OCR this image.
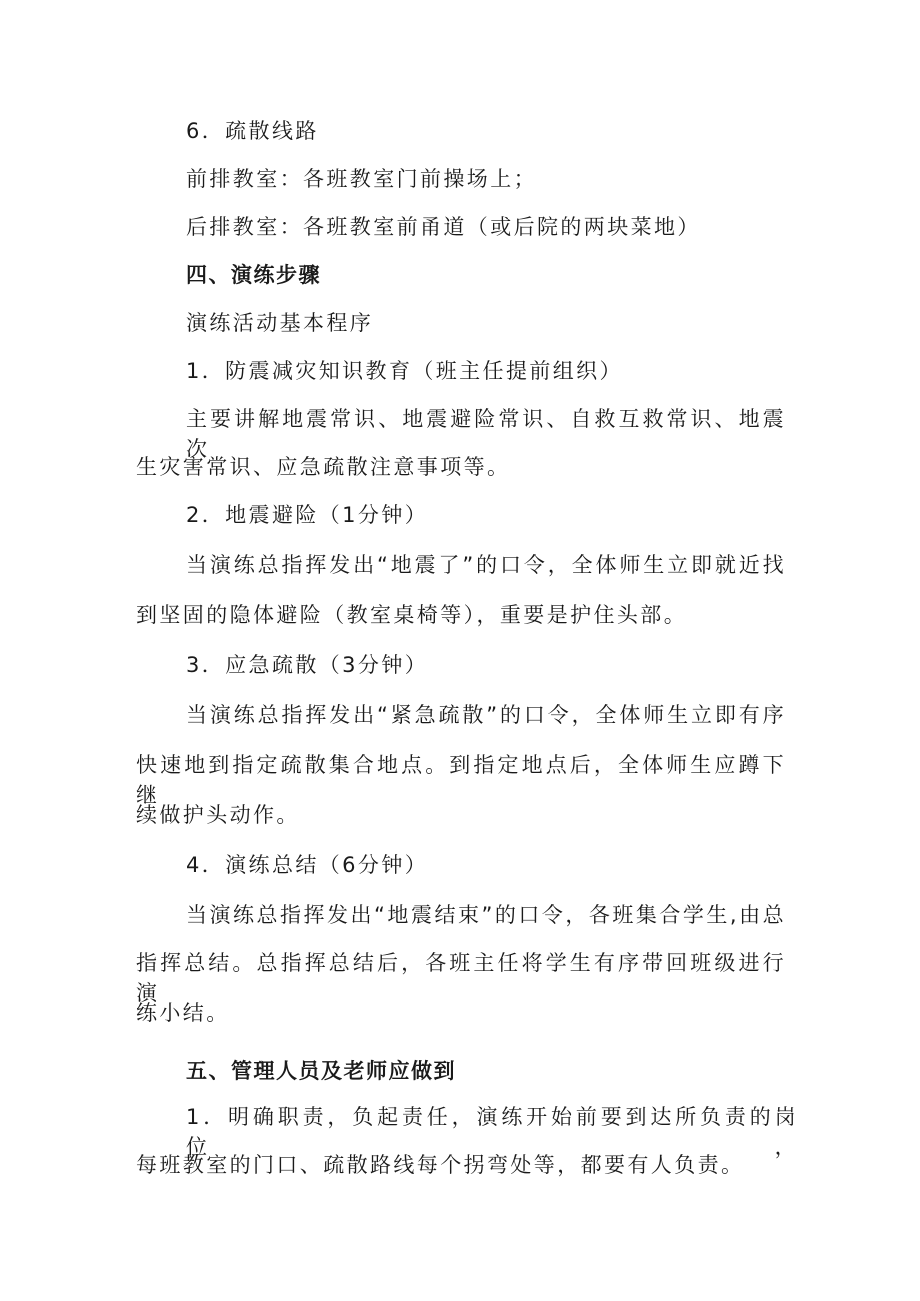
6．疏散线路
前排教室：各班教室门前操场上；
后排教室：各班教室前甬道（或后院的两块菜地）
四、演练步骤
演练活动基本程序
1．防震减灾知识教育（班主任提前组织）
主要讲解地震常识、地震避险常识、自救互救常识、地震次
生灾害常识、应急疏散注意事项等。
2．地震避险（1分钟）
当演练总指挥发出“地震了”的口令，全体师生立即就近找
到坚固的隐体避险（教室桌椅等），重要是护住头部。
3．应急疏散（3分钟）
当演练总指挥发出“紧急疏散”的口令，全体师生立即有序
快速地到指定疏散集合地点。到指定地点后，全体师生应蹲下继
续做护头动作。
4．演练总结（6分钟）
当演练总指挥发出“地震结束”的口令，各班集合学生,由总
指挥总结。总指挥总结后，各班主任将学生有序带回班级进行演
练小结。
五、管理人员及老师应做到
1．明确职责，负起责任，演练开始前要到达所负责的岗位，
每班教室的门口、疏散路线每个拐弯处等，都要有人负责。
